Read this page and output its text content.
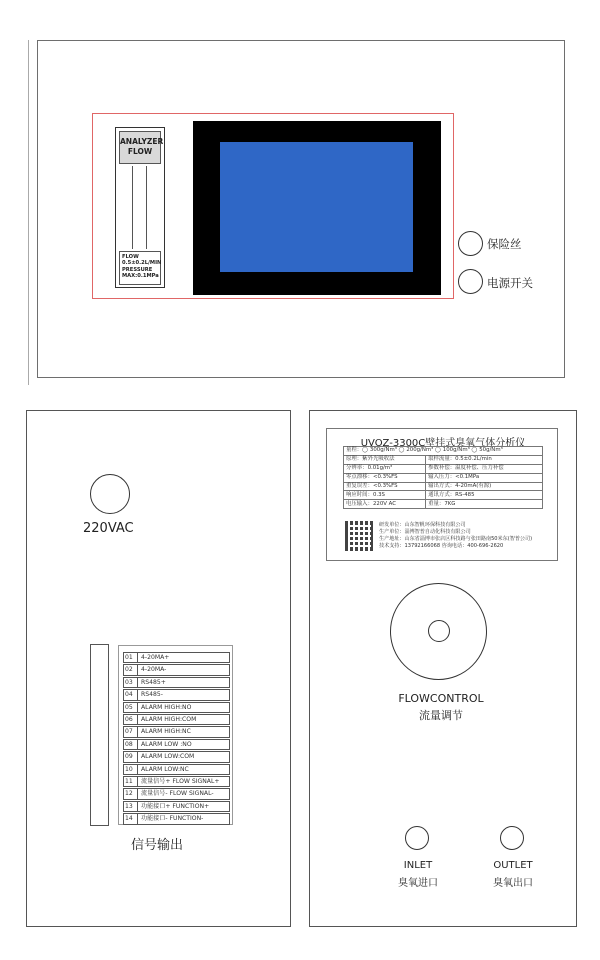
ANALYZER FLOW
FLOW
0.5±0.2L/MIN
PRESSURE
MAX:0.1MPa
保险丝
电源开关
220VAC
01 4-20MA+
02 4-20MA-
03 RS485+
04 RS485-
05 ALARM HIGH:NO
06 ALARM HIGH:COM
07 ALARM HIGH:NC
08 ALARM LOW :NO
09 ALARM LOW:COM
10 ALARM LOW:NC
11 流量信号+ FLOW SIGNAL+
12 流量信号- FLOW SIGNAL-
13 功能接口+ FUNCTION+
14 功能接口- FUNCTION-
信号输出
UVOZ-3300C壁挂式臭氧气体分析仪
量程：◯ 300g/Nm³ ◯ 200g/Nm³ ◯ 100g/Nm³ ◯ 50g/Nm³	
原理：紫外光吸收法	取样流量：0.5±0.2L/min
分辨率：0.01g/m³	参数补偿：温度补偿、压力补偿
零点漂移：<0.3%FS	输入压力：<0.1MPa
重复误差：<0.3%FS	输出方式：4-20mA(有源)
响应时间：0.3S	通讯方式：RS-485
电压输入：220V AC	重量：7KG
研发单位：山东智帆环保科技有限公司
生产单位：淄博智普自动化科技有限公司
生产地址：山东省淄博市张店区科技路与张田路南50米东(智普公司)
技术支持：13792166068 咨询电话：400-696-2620
FLOWCONTROL
流量调节
INLET
臭氧进口
OUTLET
臭氧出口
